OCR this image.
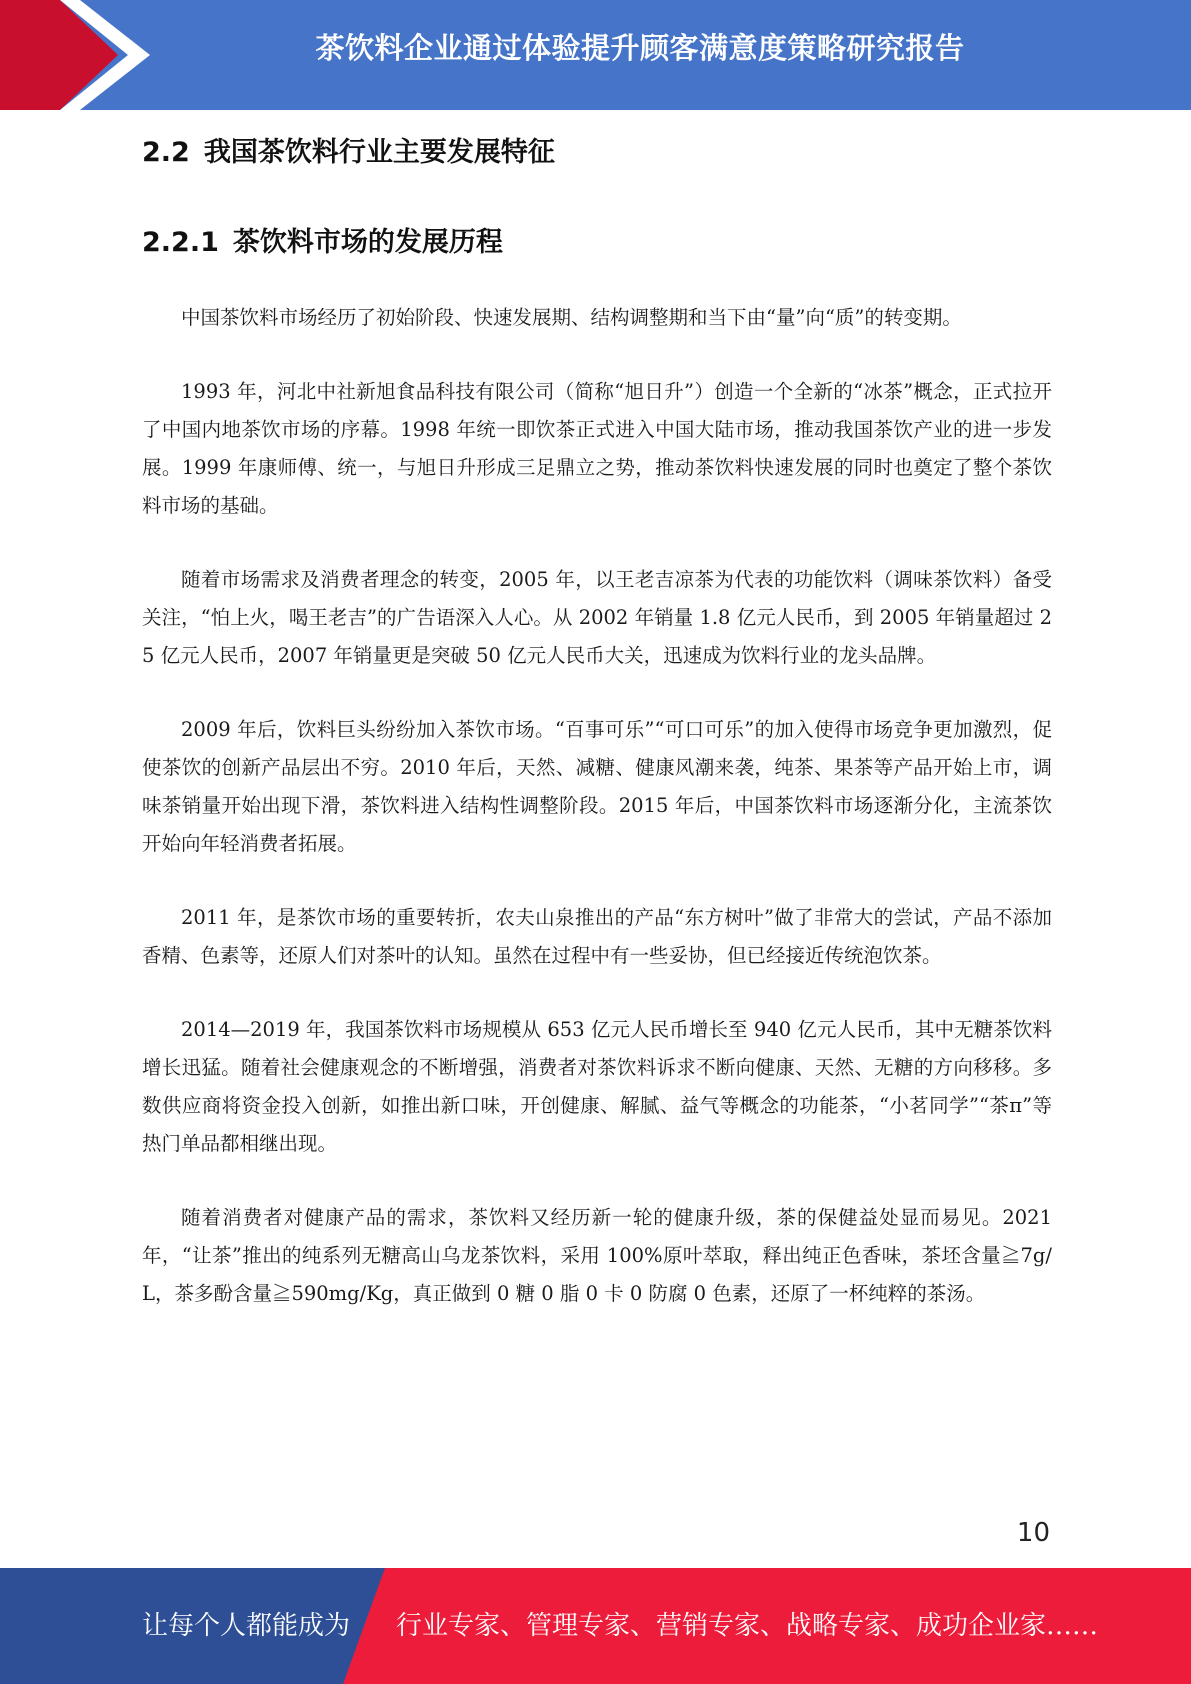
茶饮料企业通过体验提升顾客满意度策略研究报告
2.2 我国茶饮料行业主要发展特征
2.2.1 茶饮料市场的发展历程

中国茶饮料市场经历了初始阶段、快速发展期、结构调整期和当下由“量”向“质”的转变期。

1993 年，河北中社新旭食品科技有限公司（简称“旭日升”）创造一个全新的“冰茶”概念，正式拉开了中国内地茶饮市场的序幕。1998 年统一即饮茶正式进入中国大陆市场，推动我国茶饮产业的进一步发展。1999 年康师傅、统一，与旭日升形成三足鼎立之势，推动茶饮料快速发展的同时也奠定了整个茶饮料市场的基础。

随着市场需求及消费者理念的转变，2005 年，以王老吉凉茶为代表的功能饮料（调味茶饮料）备受关注，“怕上火，喝王老吉”的广告语深入人心。从 2002 年销量 1.8 亿元人民币，到 2005 年销量超过 25 亿元人民币，2007 年销量更是突破 50 亿元人民币大关，迅速成为饮料行业的龙头品牌。

2009 年后，饮料巨头纷纷加入茶饮市场。“百事可乐”“可口可乐”的加入使得市场竞争更加激烈，促使茶饮的创新产品层出不穷。2010 年后，天然、减糖、健康风潮来袭，纯茶、果茶等产品开始上市，调味茶销量开始出现下滑，茶饮料进入结构性调整阶段。2015 年后，中国茶饮料市场逐渐分化，主流茶饮开始向年轻消费者拓展。

2011 年，是茶饮市场的重要转折，农夫山泉推出的产品“东方树叶”做了非常大的尝试，产品不添加香精、色素等，还原人们对茶叶的认知。虽然在过程中有一些妥协，但已经接近传统泡饮茶。

2014—2019 年，我国茶饮料市场规模从 653 亿元人民币增长至 940 亿元人民币，其中无糖茶饮料增长迅猛。随着社会健康观念的不断增强，消费者对茶饮料诉求不断向健康、天然、无糖的方向移移。多数供应商将资金投入创新，如推出新口味，开创健康、解腻、益气等概念的功能茶，“小茗同学”“茶π”等热门单品都相继出现。

随着消费者对健康产品的需求，茶饮料又经历新一轮的健康升级，茶的保健益处显而易见。2021 年，“让茶”推出的纯系列无糖高山乌龙茶饮料，采用 100%原叶萃取，释出纯正色香味，茶坯含量≧7g/L，茶多酚含量≧590mg/Kg，真正做到 0 糖 0 脂 0 卡 0 防腐 0 色素，还原了一杯纯粹的茶汤。

10
让每个人都能成为 行业专家、管理专家、营销专家、战略专家、成功企业家……
